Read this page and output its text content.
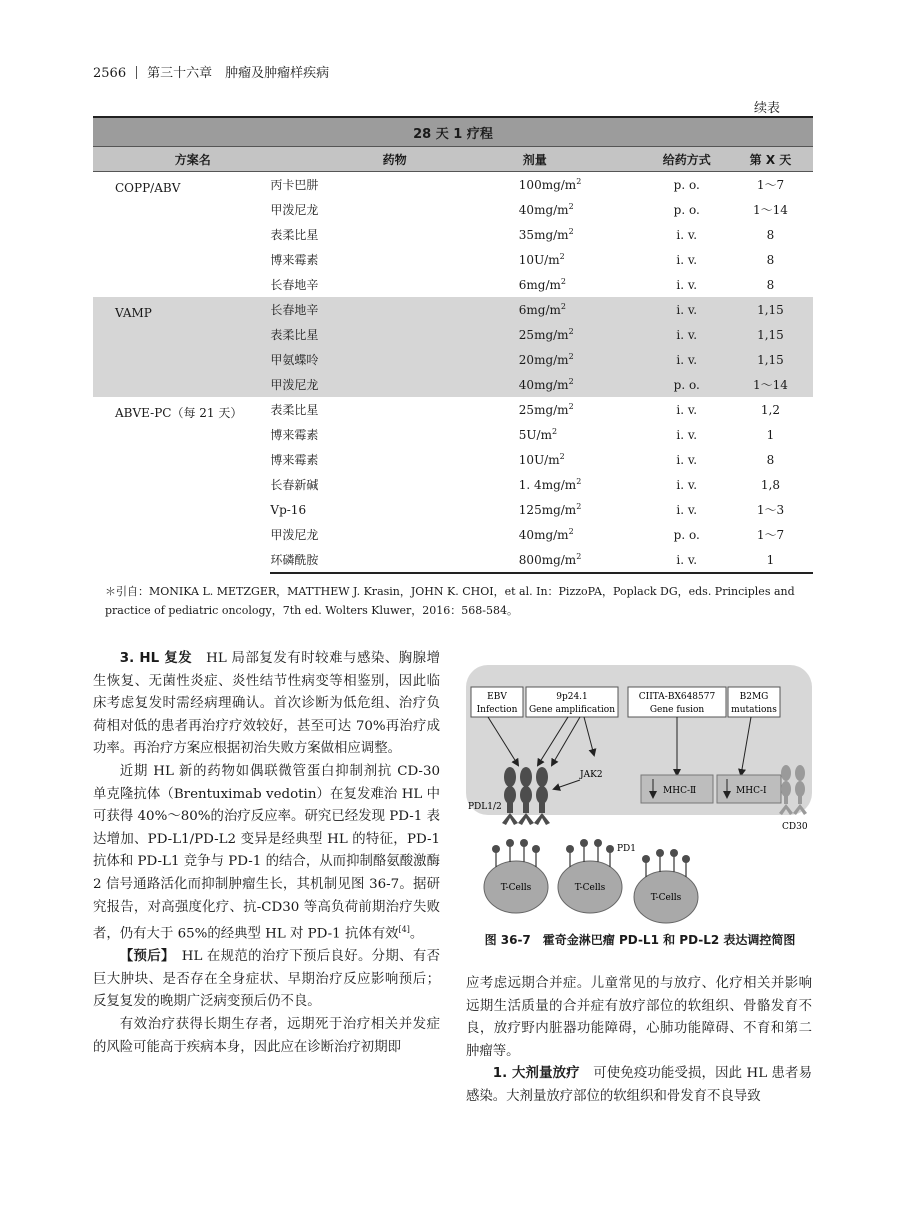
2566 第三十六章　肿瘤及肿瘤样疾病
续表
28 天 1 疗程				
方案名	药物	剂量	给药方式	第 X 天
COPP/ABV	丙卡巴肼	$100mg/m^2$	p. o.	1～7
	甲泼尼龙	$40mg/m^2$	p. o.	1～14
	表柔比星	$35mg/m^2$	i. v.	8
	博来霉素	$10U/m^2$	i. v.	8
	长春地辛	$6mg/m^2$	i. v.	8
VAMP	长春地辛	$6mg/m^2$	i. v.	1,15
	表柔比星	$25mg/m^2$	i. v.	1,15
	甲氨蝶呤	$20mg/m^2$	i. v.	1,15
	甲泼尼龙	$40mg/m^2$	p. o.	1～14
ABVE-PC（每 21 天）	表柔比星	$25mg/m^2$	i. v.	1,2
	博来霉素	$5U/m^2$	i. v.	1
	博来霉素	$10U/m^2$	i. v.	8
	长春新碱	1. $4mg/m^2$	i. v.	1,8
	Vp-16	$125mg/m^2$	i. v.	1～3
	甲泼尼龙	$40mg/m^2$	p. o.	1～7
	环磷酰胺	$800mg/m^2$	i. v.	1
＊引自：MONIKA L. METZGER，MATTHEW J. Krasin，JOHN K. CHOI，et al. In：PizzoPA，Poplack DG，eds. Principles and practice of pediatric oncology，7th ed. Wolters Kluwer，2016：568-584。

3. HL 复发　HL 局部复发有时较难与感染、胸腺增生恢复、无菌性炎症、炎性结节性病变等相鉴别，因此临床考虑复发时需经病理确认。首次诊断为低危组、治疗负荷相对低的患者再治疗疗效较好，甚至可达 70%再治疗成功率。再治疗方案应根据初治失败方案做相应调整。

近期 HL 新的药物如偶联微管蛋白抑制剂抗 CD-30 单克隆抗体（Brentuximab vedotin）在复发难治 HL 中可获得 40%～80%的治疗反应率。研究已经发现 PD-1 表达增加、PD-L1/PD-L2 变异是经典型 HL 的特征，PD-1 抗体和 PD-L1 竞争与 PD-1 的结合，从而抑制酪氨酸激酶 2 信号通路活化而抑制肿瘤生长，其机制见图 36-7。据研究报告，对高强度化疗、抗-CD30 等高负荷前期治疗失败者，仍有大于 65%的经典型 HL 对 PD-1 抗体有效[4]。

【预后】　HL 在规范的治疗下预后良好。分期、有否巨大肿块、是否存在全身症状、早期治疗反应影响预后；反复复发的晚期广泛病变预后仍不良。

有效治疗获得长期生存者，远期死于治疗相关并发症的风险可能高于疾病本身，因此应在诊断治疗初期即

EBV
Infection
9p24.1
Gene amplification
CIITA-BX648577
Gene fusion
B2MG
mutations
JAK2
PDL1/2
MHC-Ⅱ	MHC-Ⅰ
CD30
T-Cells	T-Cells
PD1
T-Cells
图 36-7　霍奇金淋巴瘤 PD-L1 和 PD-L2 表达调控简图

应考虑远期合并症。儿童常见的与放疗、化疗相关并影响远期生活质量的合并症有放疗部位的软组织、骨骼发育不良，放疗野内脏器功能障碍，心肺功能障碍、不育和第二肿瘤等。

1. 大剂量放疗　可使免疫功能受损，因此 HL 患者易感染。大剂量放疗部位的软组织和骨发育不良导致
